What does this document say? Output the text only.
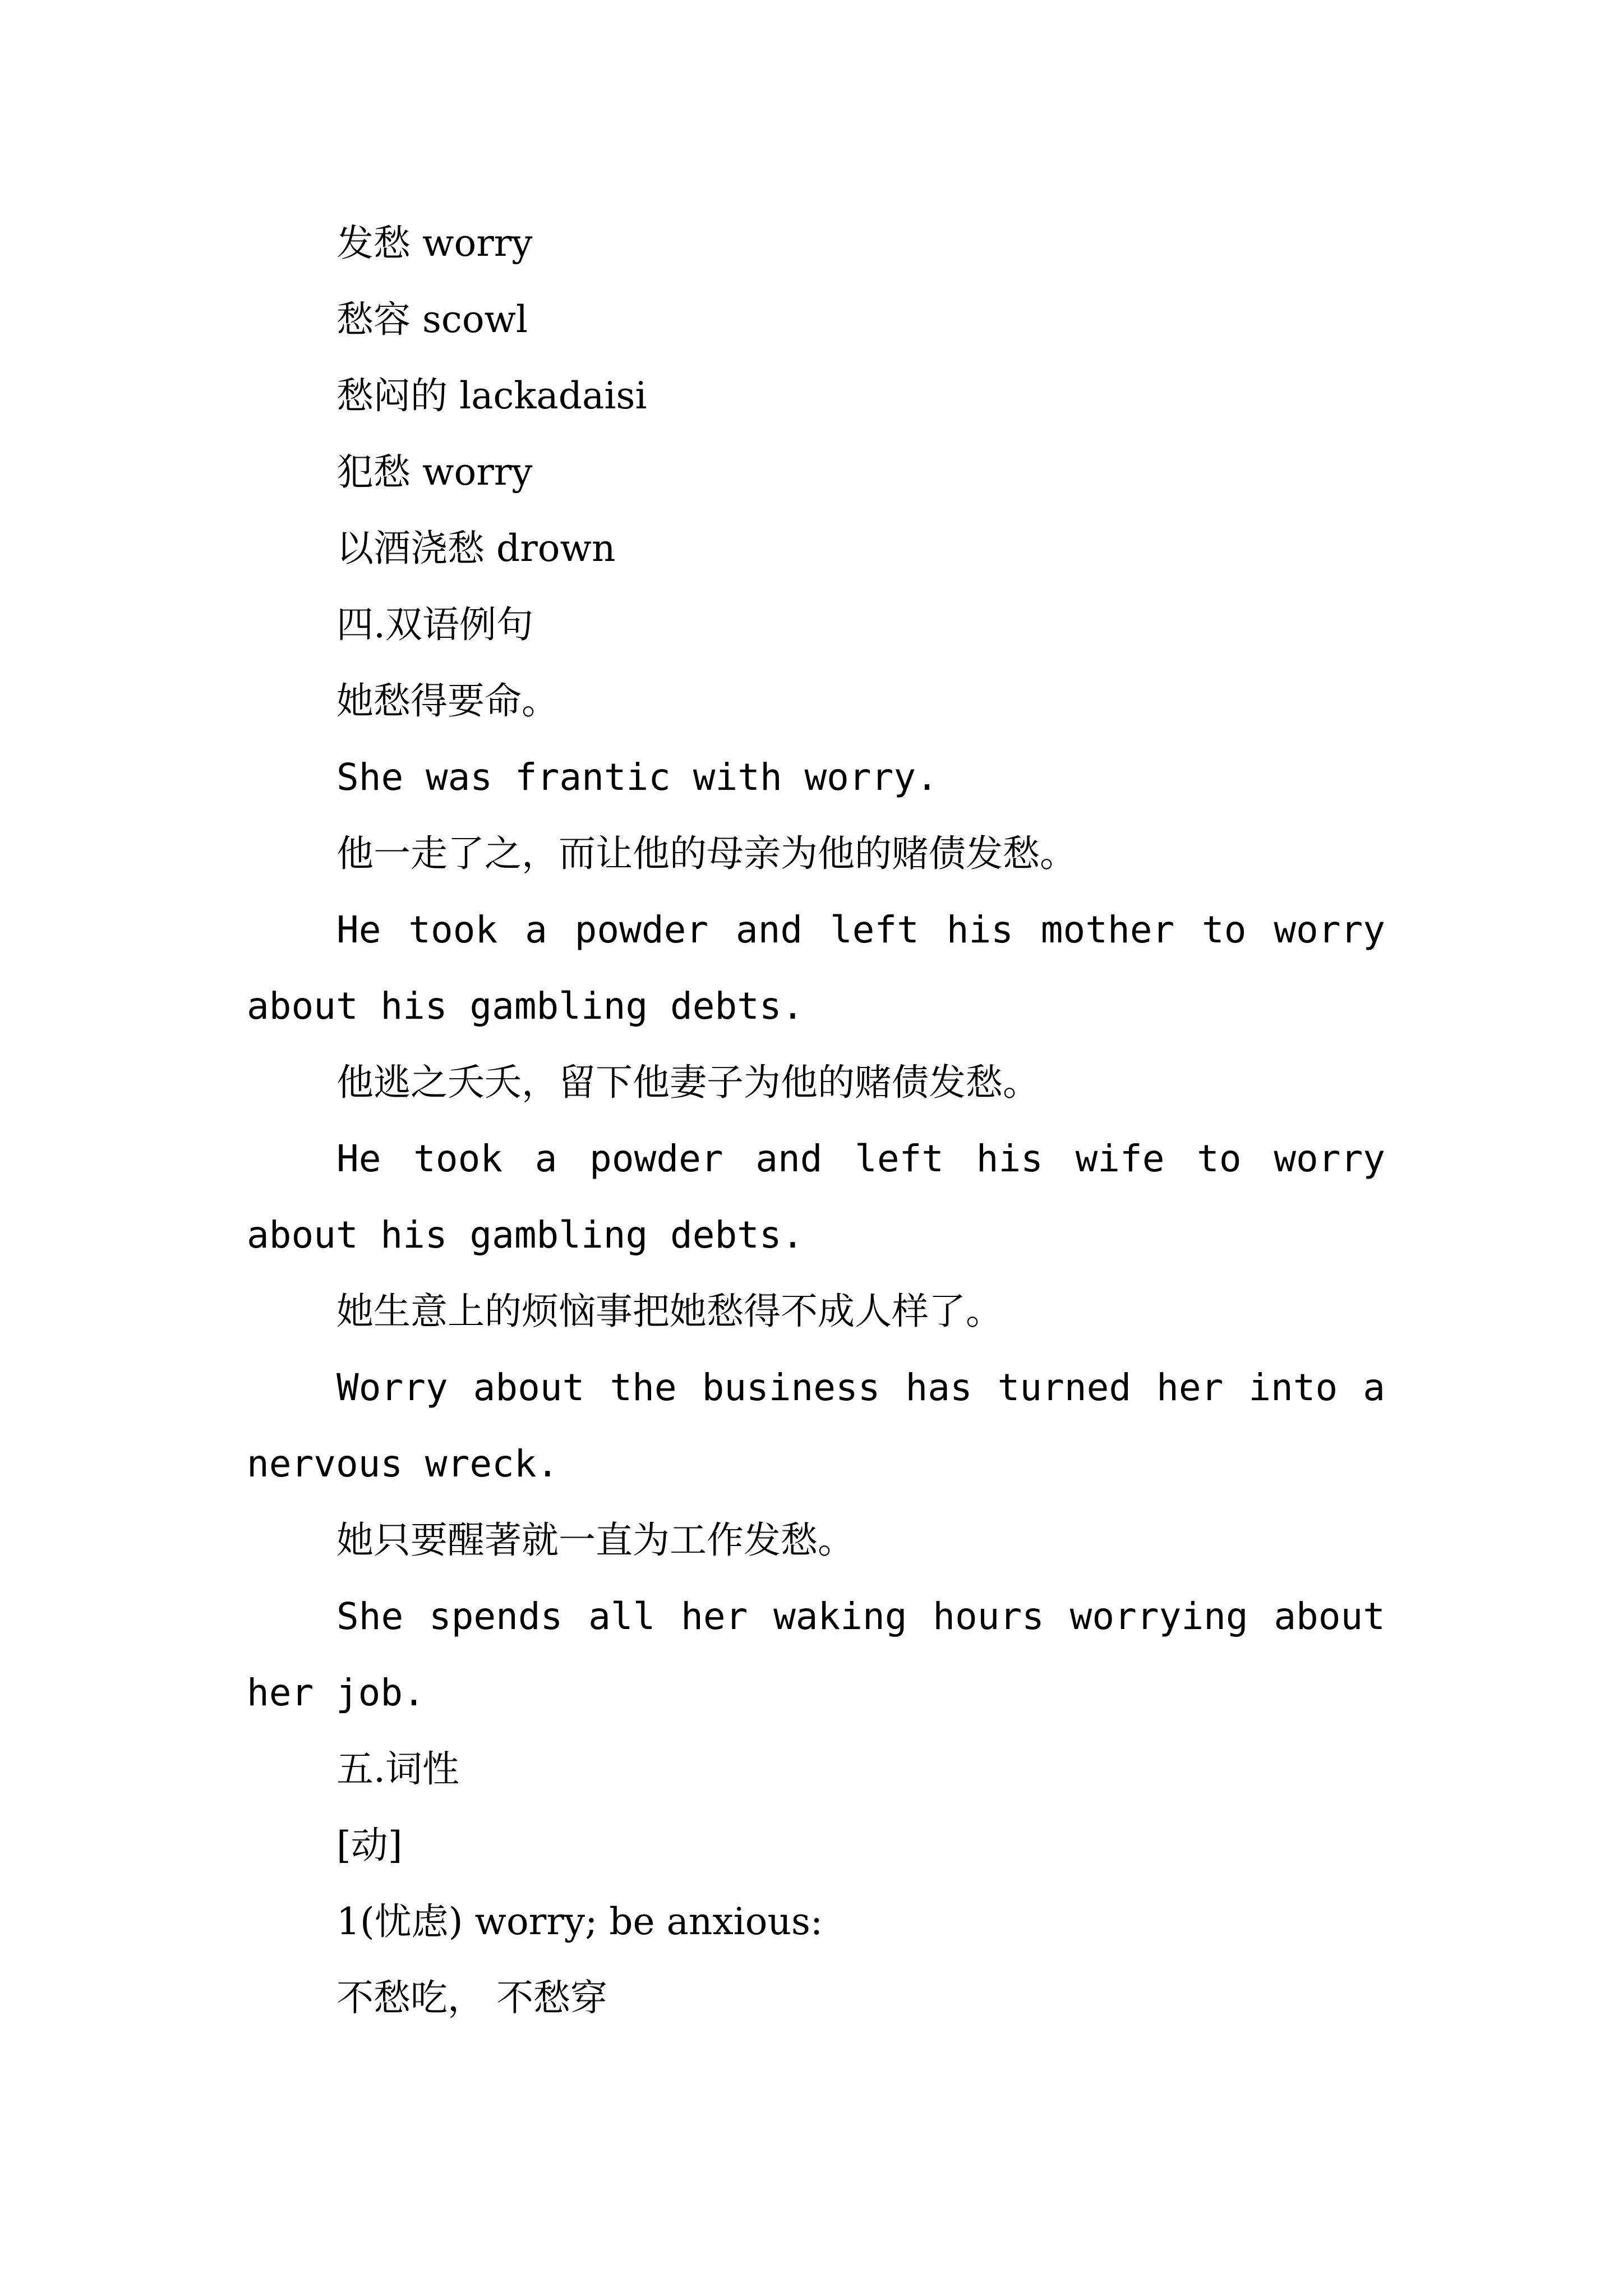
发愁 worry

愁容 scowl

愁闷的 lackadaisi

犯愁 worry

以酒浇愁 drown

四.双语例句

她愁得要命。

She was frantic with worry.

他一走了之，而让他的母亲为他的赌债发愁。

He took a powder and left his mother to worry

about his gambling debts.

他逃之夭夭，留下他妻子为他的赌债发愁。

He took a powder and left his wife to worry

about his gambling debts.

她生意上的烦恼事把她愁得不成人样了。

Worry about the business has turned her into a

nervous wreck.

她只要醒著就一直为工作发愁。

She spends all her waking hours worrying about

her job.

五.词性

[动]

1(忧虑) worry; be anxious:

不愁吃， 不愁穿
